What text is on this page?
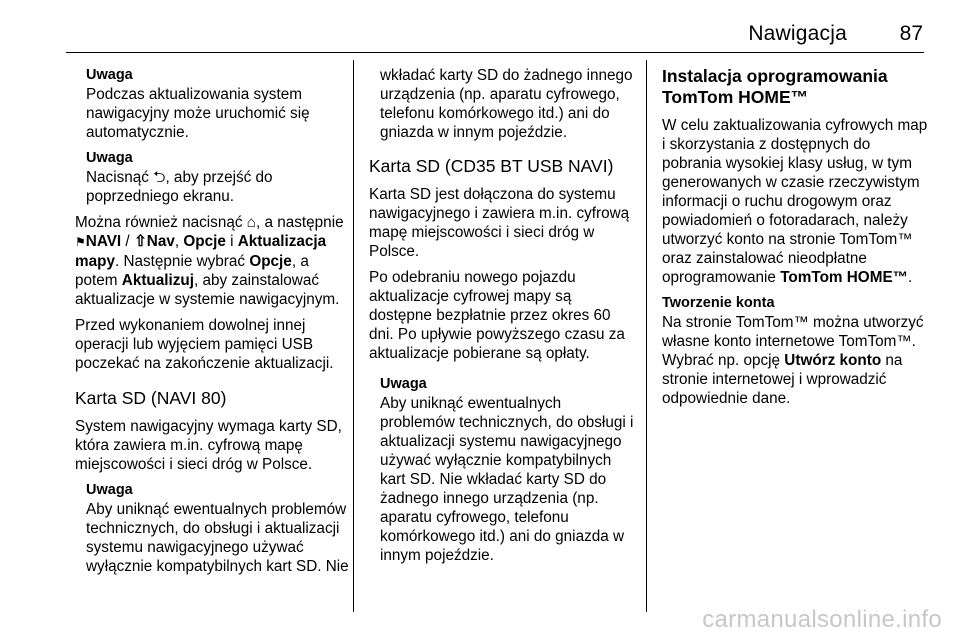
Nawigacja	87
Uwaga
Podczas aktualizowania system nawigacyjny może uruchomić się automatycznie.
Uwaga
Nacisnąć ⮌, aby przejść do poprzedniego ekranu.

Można również nacisnąć ⌂, a następnie ⚑NAVI / ⇧Nav, Opcje i Aktualizacja mapy. Następnie wybrać Opcje, a potem Aktualizuj, aby zainstalować aktualizacje w systemie nawigacyjnym.

Przed wykonaniem dowolnej innej operacji lub wyjęciem pamięci USB poczekać na zakończenie aktualizacji.

Karta SD (NAVI 80)

System nawigacyjny wymaga karty SD, która zawiera m.in. cyfrową mapę miejscowości i sieci dróg w Polsce.

Uwaga
Aby uniknąć ewentualnych problemów technicznych, do obsługi i aktualizacji systemu nawigacyjnego używać wyłącznie kompatybilnych kart SD. Nie
wkładać karty SD do żadnego innego urządzenia (np. aparatu cyfrowego, telefonu komórkowego itd.) ani do gniazda w innym pojeździe.
Karta SD (CD35 BT USB NAVI)

Karta SD jest dołączona do systemu nawigacyjnego i zawiera m.in. cyfrową mapę miejscowości i sieci dróg w Polsce.

Po odebraniu nowego pojazdu aktualizacje cyfrowej mapy są dostępne bezpłatnie przez okres 60 dni. Po upływie powyższego czasu za aktualizacje pobierane są opłaty.

Uwaga
Aby uniknąć ewentualnych problemów technicznych, do obsługi i aktualizacji systemu nawigacyjnego używać wyłącznie kompatybilnych kart SD. Nie wkładać karty SD do żadnego innego urządzenia (np. aparatu cyfrowego, telefonu komórkowego itd.) ani do gniazda w innym pojeździe.
Instalacja oprogramowania TomTom HOME™

W celu zaktualizowania cyfrowych map i skorzystania z dostępnych do pobrania wysokiej klasy usług, w tym generowanych w czasie rzeczywistym informacji o ruchu drogowym oraz powiadomień o fotoradarach, należy utworzyć konto na stronie TomTom™ oraz zainstalować nieodpłatne oprogramowanie TomTom HOME™.

Tworzenie konta

Na stronie TomTom™ można utworzyć własne konto internetowe TomTom™. Wybrać np. opcję Utwórz konto na stronie internetowej i wprowadzić odpowiednie dane.

carmanualsonline.info
